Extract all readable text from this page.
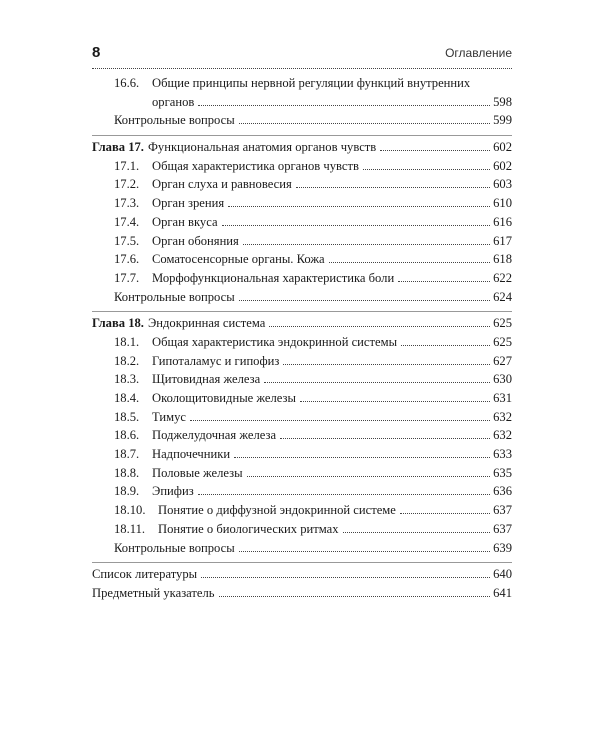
8	Оглавление
16.6.	Общие принципы нервной регуляции функций внутренних
органов	598
Контрольные вопросы	599
Глава 17. Функциональная анатомия органов чувств	602
17.1.	Общая характеристика органов чувств	602
17.2.	Орган слуха и равновесия	603
17.3.	Орган зрения	610
17.4.	Орган вкуса	616
17.5.	Орган обоняния	617
17.6.	Соматосенсорные органы. Кожа	618
17.7.	Морфофункциональная характеристика боли	622
Контрольные вопросы	624
Глава 18. Эндокринная система	625
18.1.	Общая характеристика эндокринной системы	625
18.2.	Гипоталамус и гипофиз	627
18.3.	Щитовидная железа	630
18.4.	Околощитовидные железы	631
18.5.	Тимус	632
18.6.	Поджелудочная железа	632
18.7.	Надпочечники	633
18.8.	Половые железы	635
18.9.	Эпифиз	636
18.10. Понятие о диффузной эндокринной системе	637
18.11.	Понятие о биологических ритмах	637
Контрольные вопросы	639
Список литературы	640
Предметный указатель	641
